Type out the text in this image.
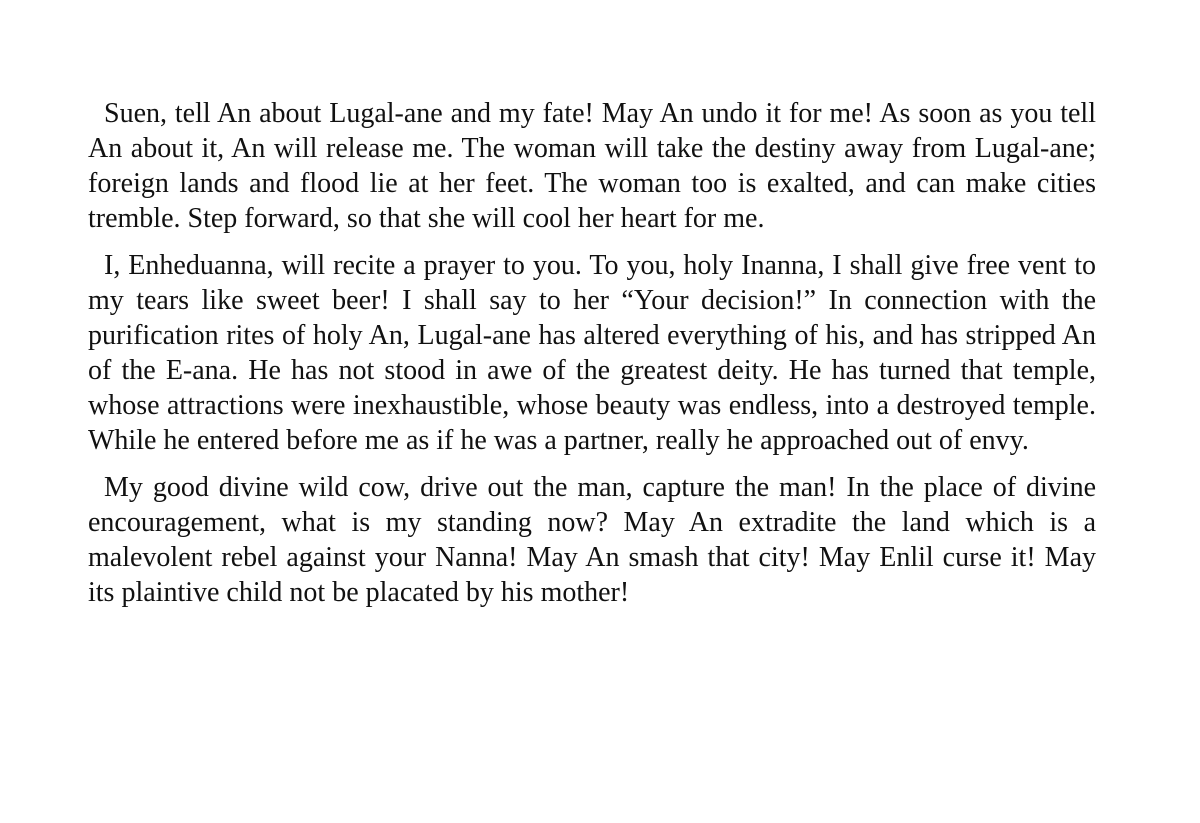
Suen, tell An about Lugal-ane and my fate! May An undo it for me! As soon as you tell An about it, An will release me. The woman will take the destiny away from Lugal-ane; foreign lands and flood lie at her feet. The woman too is exalted, and can make cities tremble. Step forward, so that she will cool her heart for me.

I, Enheduanna, will recite a prayer to you. To you, holy Inanna, I shall give free vent to my tears like sweet beer! I shall say to her “Your decision!” In connection with the purification rites of holy An, Lugal-ane has altered everything of his, and has stripped An of the E-ana. He has not stood in awe of the greatest deity. He has turned that temple, whose attractions were inexhaustible, whose beauty was endless, into a destroyed temple. While he entered before me as if he was a partner, really he approached out of envy.

My good divine wild cow, drive out the man, capture the man! In the place of divine encouragement, what is my standing now? May An extradite the land which is a malevolent rebel against your Nanna! May An smash that city! May Enlil curse it! May its plaintive child not be placated by his mother!
